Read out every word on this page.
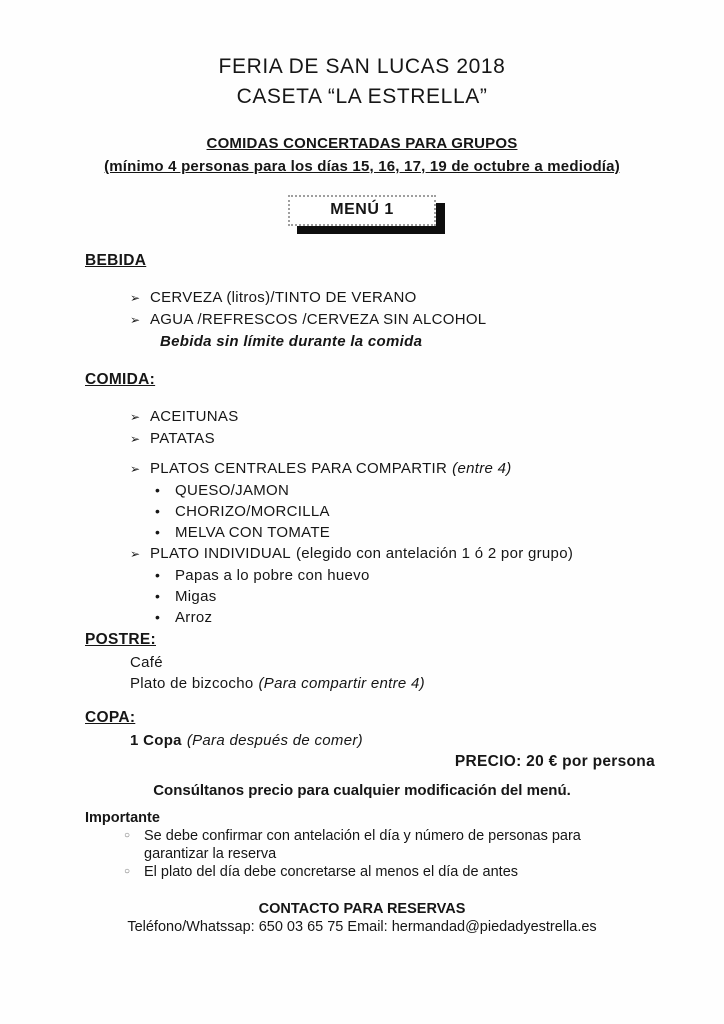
FERIA DE SAN LUCAS 2018
CASETA “LA ESTRELLA”
COMIDAS CONCERTADAS PARA GRUPOS
(mínimo 4 personas para los días 15, 16, 17, 19 de octubre a mediodía)
MENÚ 1
BEBIDA
➢ CERVEZA (litros)/TINTO DE VERANO
➢ AGUA /REFRESCOS /CERVEZA SIN ALCOHOL
Bebida sin límite durante la comida
COMIDA:
➢ ACEITUNAS
➢ PATATAS
➢ PLATOS CENTRALES PARA COMPARTIR (entre 4)
• QUESO/JAMON
• CHORIZO/MORCILLA
• MELVA CON TOMATE
➢ PLATO INDIVIDUAL (elegido con antelación 1 ó 2 por grupo)
• Papas a lo pobre con huevo
• Migas
• Arroz
POSTRE:
Café
Plato de bizcocho (Para compartir entre 4)
COPA:
1 Copa (Para después de comer)
PRECIO: 20 € por persona
Consúltanos precio para cualquier modificación del menú.
Importante
○ Se debe confirmar con antelación el día y número de personas para garantizar la reserva
○ El plato del día debe concretarse al menos el día de antes
CONTACTO PARA RESERVAS
Teléfono/Whatssap: 650 03 65 75 Email: hermandad@piedadyestrella.es
